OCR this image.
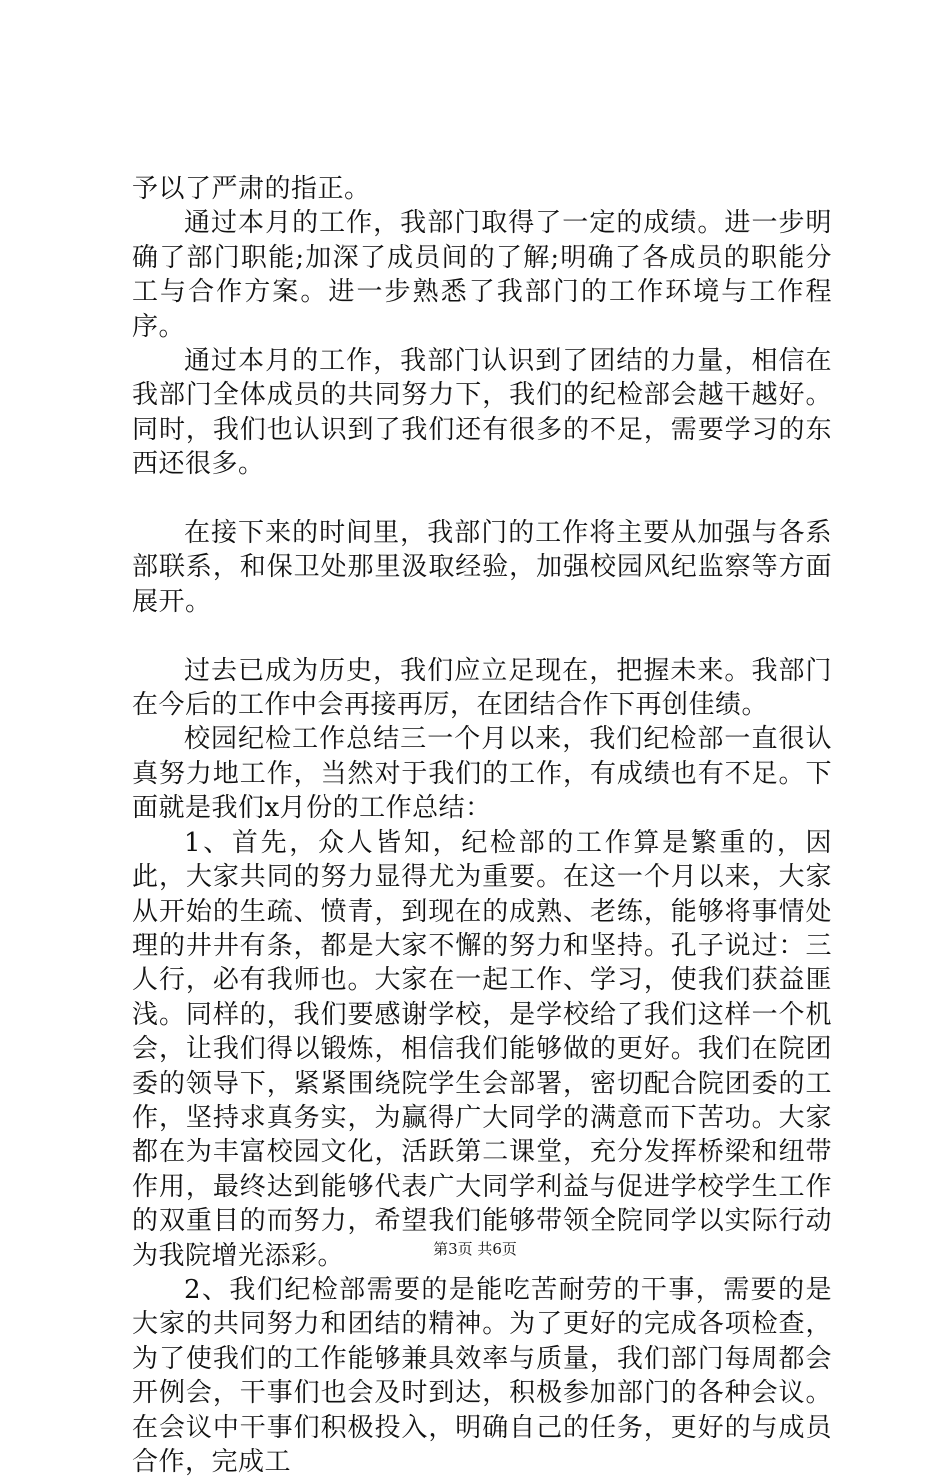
予以了严肃的指正。

通过本月的工作，我部门取得了一定的成绩。进一步明确了部门职能;加深了成员间的了解;明确了各成员的职能分工与合作方案。进一步熟悉了我部门的工作环境与工作程序。

通过本月的工作，我部门认识到了团结的力量，相信在我部门全体成员的共同努力下，我们的纪检部会越干越好。同时，我们也认识到了我们还有很多的不足，需要学习的东西还很多。

在接下来的时间里，我部门的工作将主要从加强与各系部联系，和保卫处那里汲取经验，加强校园风纪监察等方面展开。

过去已成为历史，我们应立足现在，把握未来。我部门在今后的工作中会再接再厉，在团结合作下再创佳绩。

校园纪检工作总结三一个月以来，我们纪检部一直很认真努力地工作，当然对于我们的工作，有成绩也有不足。下面就是我们x月份的工作总结：

1、首先，众人皆知，纪检部的工作算是繁重的，因此，大家共同的努力显得尤为重要。在这一个月以来，大家从开始的生疏、愤青，到现在的成熟、老练，能够将事情处理的井井有条，都是大家不懈的努力和坚持。孔子说过：三人行，必有我师也。大家在一起工作、学习，使我们获益匪浅。同样的，我们要感谢学校，是学校给了我们这样一个机会，让我们得以锻炼，相信我们能够做的更好。我们在院团委的领导下，紧紧围绕院学生会部署，密切配合院团委的工作，坚持求真务实，为赢得广大同学的满意而下苦功。大家都在为丰富校园文化，活跃第二课堂，充分发挥桥梁和纽带作用，最终达到能够代表广大同学利益与促进学校学生工作的双重目的而努力，希望我们能够带领全院同学以实际行动为我院增光添彩。

2、我们纪检部需要的是能吃苦耐劳的干事，需要的是大家的共同努力和团结的精神。为了更好的完成各项检查，为了使我们的工作能够兼具效率与质量，我们部门每周都会开例会，干事们也会及时到达，积极参加部门的各种会议。在会议中干事们积极投入，明确自己的任务，更好的与成员合作，完成工

第3页 共6页
